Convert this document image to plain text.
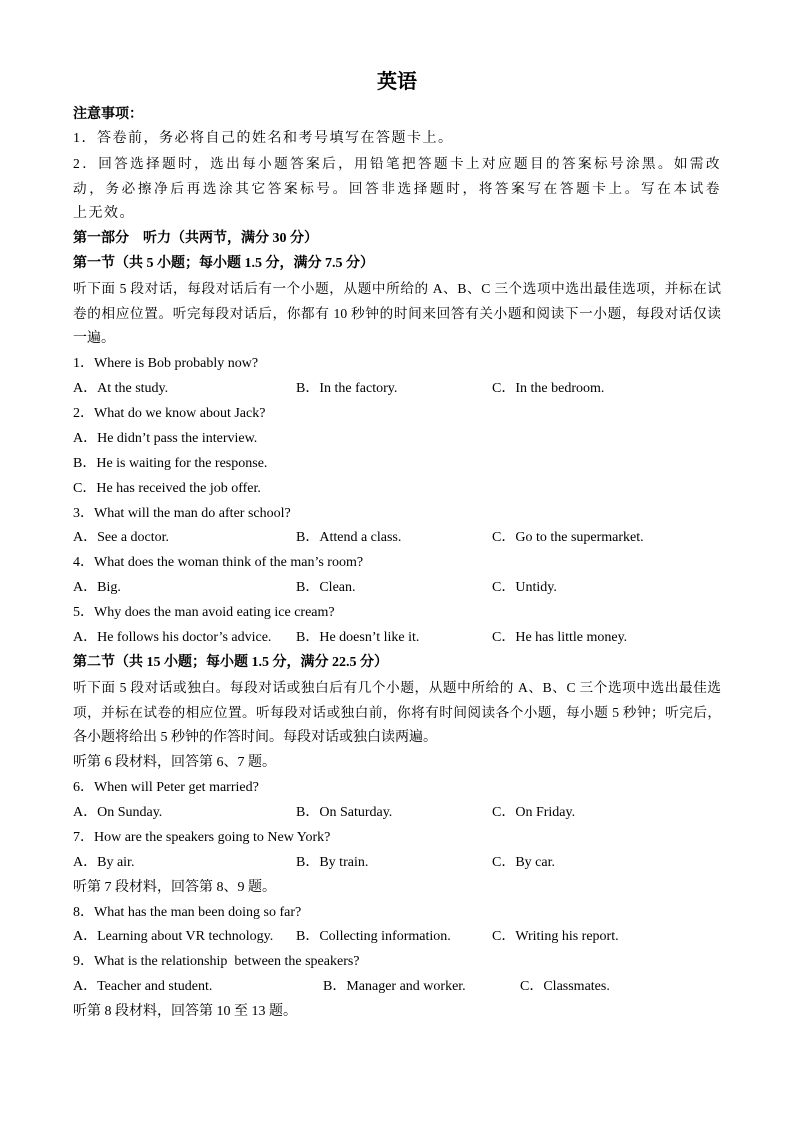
英语
注意事项：
1．答卷前，务必将自己的姓名和考号填写在答题卡上。
2．回答选择题时，选出每小题答案后，用铅笔把答题卡上对应题目的答案标号涂黑。如需改
动，务必擦净后再选涂其它答案标号。回答非选择题时，将答案写在答题卡上。写在本试卷
上无效。
第一部分　听力（共两节，满分 30 分）
第一节（共 5 小题；每小题 1.5 分，满分 7.5 分）
听下面 5 段对话，每段对话后有一个小题，从题中所给的 A、B、C 三个选项中选出最佳选项，并标在试
卷的相应位置。听完每段对话后，你都有 10 秒钟的时间来回答有关小题和阅读下一小题，每段对话仅读
一遍。
1．Where is Bob probably now?
A．At the study.	B．In the factory.	C．In the bedroom.
2．What do we know about Jack?
A．He didn’t pass the interview.
B．He is waiting for the response.
C．He has received the job offer.
3．What will the man do after school?
A．See a doctor.	B．Attend a class.	C．Go to the supermarket.
4．What does the woman think of the man’s room?
A．Big.	B．Clean.	C．Untidy.
5．Why does the man avoid eating ice cream?
A．He follows his doctor’s advice. B．He doesn’t like it.	C．He has little money.
第二节（共 15 小题；每小题 1.5 分，满分 22.5 分）
听下面 5 段对话或独白。每段对话或独白后有几个小题，从题中所给的 A、B、C 三个选项中选出最佳选
项，并标在试卷的相应位置。听每段对话或独白前，你将有时间阅读各个小题，每小题 5 秒钟；听完后，
各小题将给出 5 秒钟的作答时间。每段对话或独白读两遍。
听第 6 段材料，回答第 6、7 题。
6．When will Peter get married?
A．On Sunday.	B．On Saturday.	C．On Friday.
7．How are the speakers going to New York?
A．By air.	B．By train.	C．By car.
听第 7 段材料，回答第 8、9 题。
8．What has the man been doing so far?
A．Learning about VR technology. B．Collecting information.	C．Writing his report.
9．What is the relationship  between the speakers?
A．Teacher and student.	B．Manager and worker.	C．Classmates.
听第 8 段材料，回答第 10 至 13 题。
